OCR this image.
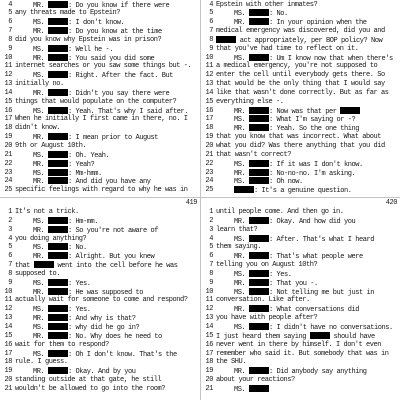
4	MR.	: Do you know if there were
5 any threats made to Epstein?
6	MS.	: I don't know.
7	MR.	: Do you know at the time
8 did you know why Epstein was in prison?
9	MS.	: Well he -.
10	MR.	: You said you did some
11 internet searches or you saw some things but -.
12	MS.	: Right. After the fact. But
13 initially no.
14	MR.	: Didn't you say there were
15 things that would populate on the computer?
16	MS.	: Yeah. That's why I said after.
17 When he initially I first came in there, no. I
18 didn't know.
19	MR.	: I mean prior to August
20 9th or August 10th.
21	MS.	: Oh. Yeah.
22	MR.	: Yeah?
23	MS.	: Mm-hmm.
24	MR.	: And did you have any
25 specific feelings with regard to why he was in
4 Epstein with other inmates?
5	MS.	: No.
6	MR.	: In your opinion when the
7 medical emergency was discovered, did you and
8	act appropriately, per BOP policy? Now
9 that you've had time to reflect on it.
10	MS.	: Um I know now that when there's
11 a medical emergency, you're not supposed to
12 enter the cell until everybody gets there. So
13 that would be the only thing that I would say
14 like that wasn't done correctly. But as far as
15 everything else -.
16	MR.	: Now was that per
17	MS.	: What I'm saying or -?
18	MR.	: Yeah. So the one thing
19 that you know that was incorrect. What about
20 what you did? Was there anything that you did
21 that wasn't correct?
22	MS.	: If it was I don't know.
23	MR.	: No-no-no. I'm asking.
24	MS.	: Oh now.
25	: It's a genuine question.
419
1 It's not a trick.
2	MS.	: Hm-mm.
3	MR.	: So you're not aware of
4 you doing anything?
5	MS.	: No.
6	MR.	: Alright. But you knew
7 that	went into the cell before he was
8 supposed to.
9	MS.	: Yes.
10	MR.	: He was supposed to
11 actually wait for someone to come and respond?
12	MS.	: Yes.
13	MR.	: And why is that?
14	MS.	: why did he go in?
15	MR.	: No. Why does he need to
16 wait for them to respond?
17	MS.	: Oh I don't know. That's the
18 rule. I guess.
19	MR.	: Okay. And by you
20 standing outside at that gate, he still
21 wouldn't be allowed to go into the room?
420
1 until people come. And then go in.
2	MR.	: Okay. And how did you
3 learn that?
4	MS.	: After. That's what I heard
5 them saying.
6	MR.	: That's what people were
7 telling you on August 10th?
8	MS.	: Yes.
9	MR.	: That you -.
10	MS.	: Not telling me but just in
11 conversation. Like after.
12	MR.	: What conversations did
13 you have with people after?
14	MS.	: I didn't have no conversations.
15 I just heard them saying	should have
16 never went in there by himself. I don't even
17 remember who said it. But somebody that was in
18 the SHU.
19	MR.	: Did anybody say anything
20 about your reactions?
21	MS.
